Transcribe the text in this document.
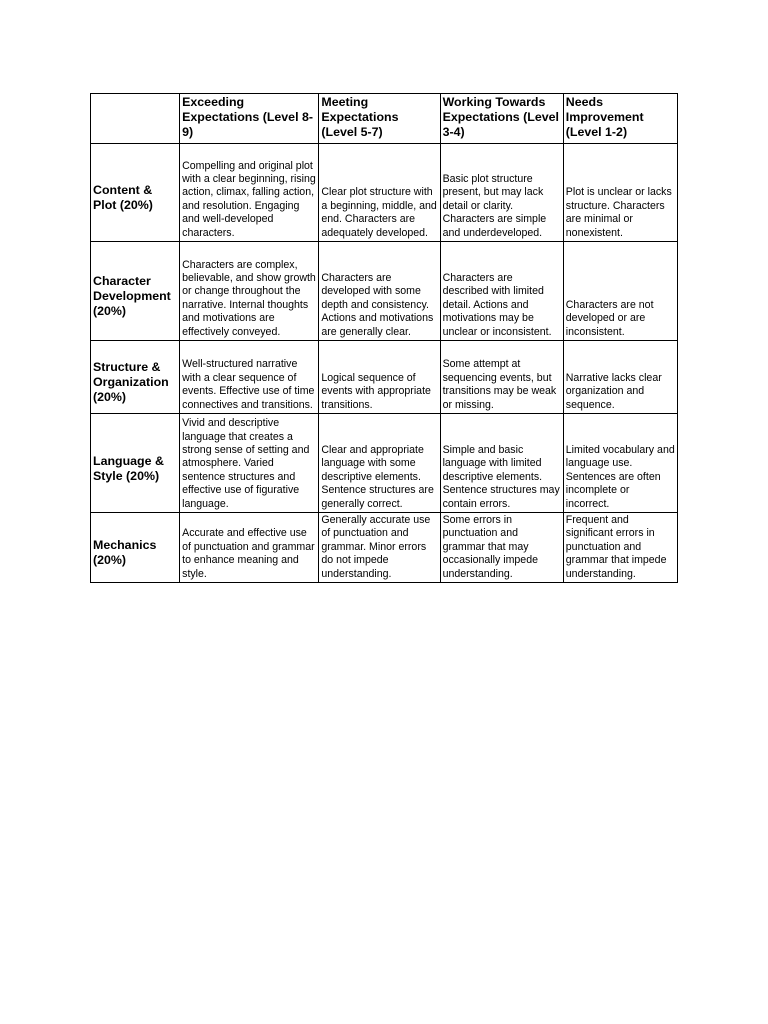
	Exceeding Expectations (Level 8-9)	Meeting Expectations (Level 5-7)	Working Towards Expectations (Level 3-4)	Needs Improvement (Level 1-2)
Content & Plot (20%)	Compelling and original plot with a clear beginning, rising action, climax, falling action, and resolution. Engaging and well-developed characters.	Clear plot structure with a beginning, middle, and end. Characters are adequately developed.	Basic plot structure present, but may lack detail or clarity. Characters are simple and underdeveloped.	Plot is unclear or lacks structure. Characters are minimal or nonexistent.
Character Development (20%)	Characters are complex, believable, and show growth or change throughout the narrative. Internal thoughts and motivations are effectively conveyed.	Characters are developed with some depth and consistency. Actions and motivations are generally clear.	Characters are described with limited detail. Actions and motivations may be unclear or inconsistent.	Characters are not developed or are inconsistent.
Structure & Organization (20%)	Well-structured narrative with a clear sequence of events. Effective use of time connectives and transitions.	Logical sequence of events with appropriate transitions.	Some attempt at sequencing events, but transitions may be weak or missing.	Narrative lacks clear organization and sequence.
Language & Style (20%)	Vivid and descriptive language that creates a strong sense of setting and atmosphere. Varied sentence structures and effective use of figurative language.	Clear and appropriate language with some descriptive elements. Sentence structures are generally correct.	Simple and basic language with limited descriptive elements. Sentence structures may contain errors.	Limited vocabulary and language use. Sentences are often incomplete or incorrect.
Mechanics (20%)	Accurate and effective use of punctuation and grammar to enhance meaning and style.	Generally accurate use of punctuation and grammar. Minor errors do not impede understanding.	Some errors in punctuation and grammar that may occasionally impede understanding.	Frequent and significant errors in punctuation and grammar that impede understanding.
